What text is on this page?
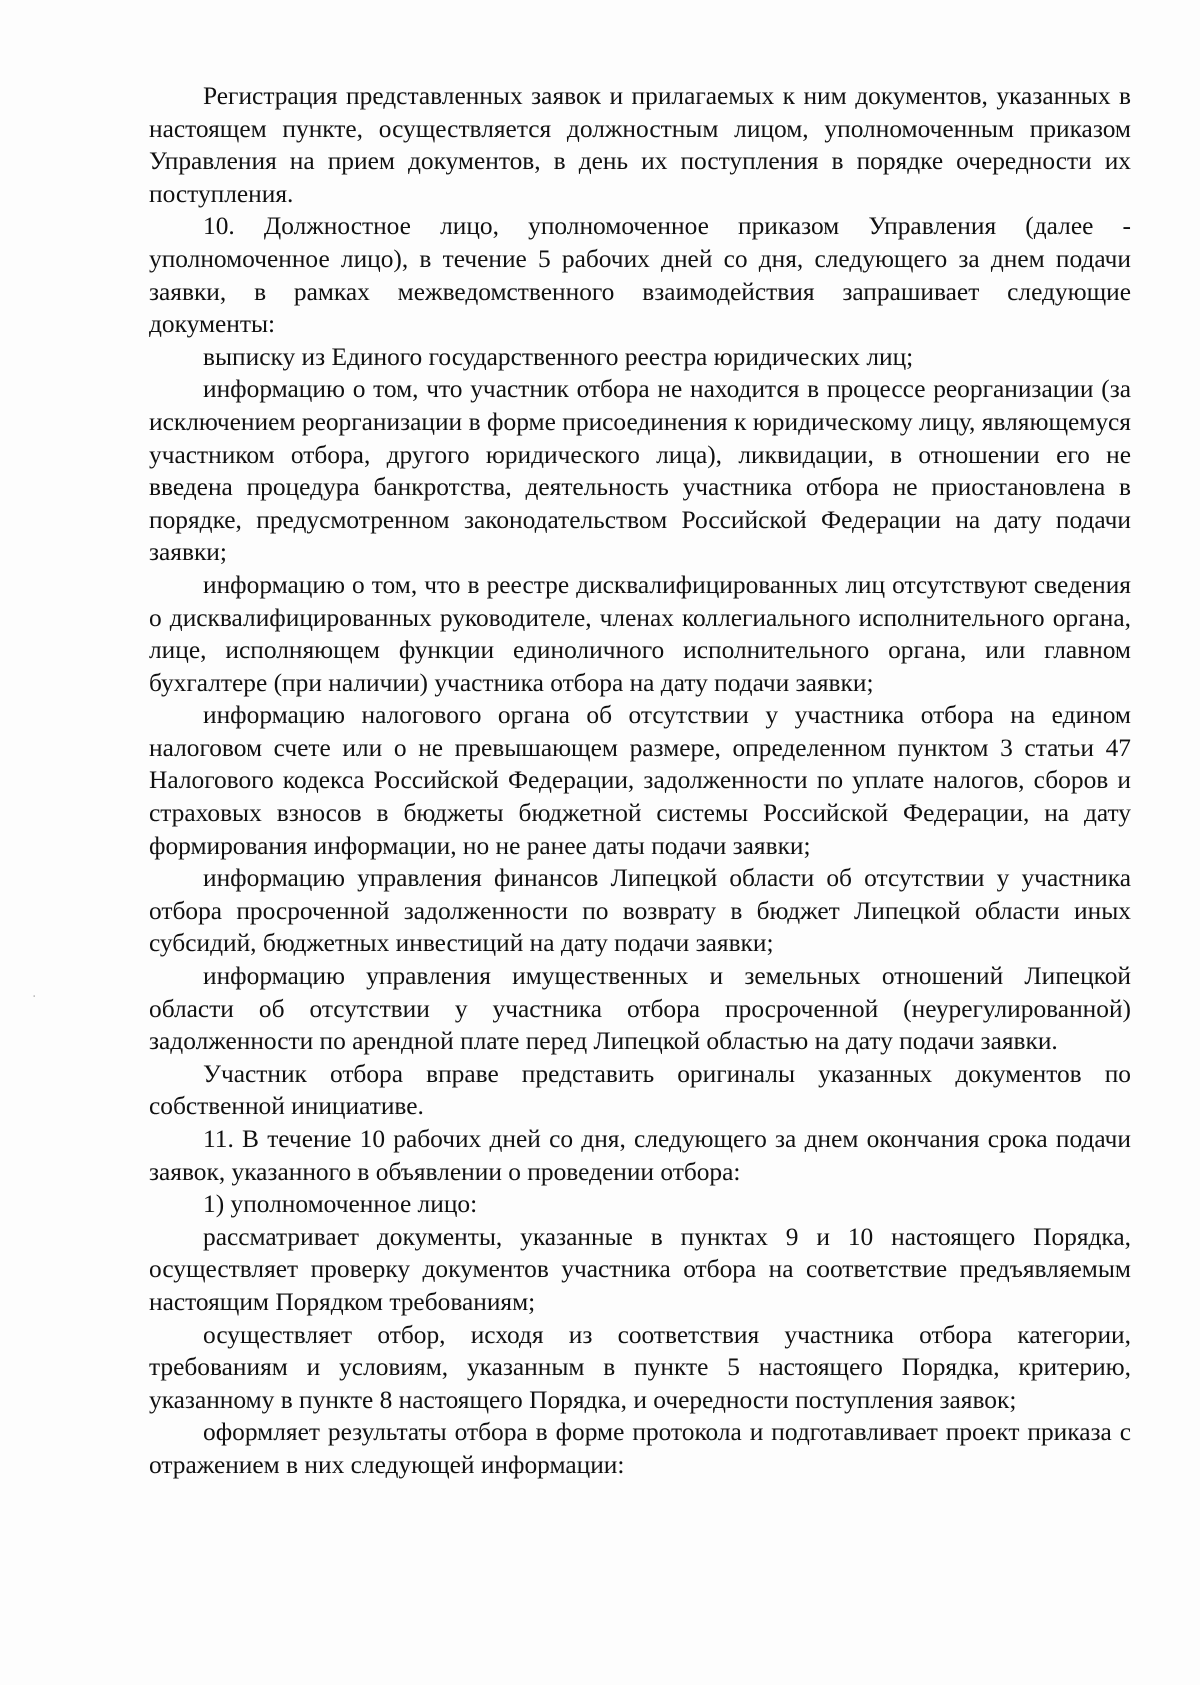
Регистрация представленных заявок и прилагаемых к ним документов, указанных в настоящем пункте, осуществляется должностным лицом, уполномоченным приказом Управления на прием документов, в день их поступления в порядке очередности их поступления.

10. Должностное лицо, уполномоченное приказом Управления (далее - уполномоченное лицо), в течение 5 рабочих дней со дня, следующего за днем подачи заявки, в рамках межведомственного взаимодействия запрашивает следующие документы:

выписку из Единого государственного реестра юридических лиц;

информацию о том, что участник отбора не находится в процессе реорганизации (за исключением реорганизации в форме присоединения к юридическому лицу, являющемуся участником отбора, другого юридического лица), ликвидации, в отношении его не введена процедура банкротства, деятельность участника отбора не приостановлена в порядке, предусмотренном законодательством Российской Федерации на дату подачи заявки;

информацию о том, что в реестре дисквалифицированных лиц отсутствуют сведения о дисквалифицированных руководителе, членах коллегиального исполнительного органа, лице, исполняющем функции единоличного исполнительного органа, или главном бухгалтере (при наличии) участника отбора на дату подачи заявки;

информацию налогового органа об отсутствии у участника отбора на едином налоговом счете или о не превышающем размере, определенном пунктом 3 статьи 47 Налогового кодекса Российской Федерации, задолженности по уплате налогов, сборов и страховых взносов в бюджеты бюджетной системы Российской Федерации, на дату формирования информации, но не ранее даты подачи заявки;

информацию управления финансов Липецкой области об отсутствии у участника отбора просроченной задолженности по возврату в бюджет Липецкой области иных субсидий, бюджетных инвестиций на дату подачи заявки;

информацию управления имущественных и земельных отношений Липецкой области об отсутствии у участника отбора просроченной (неурегулированной) задолженности по арендной плате перед Липецкой областью на дату подачи заявки.

Участник отбора вправе представить оригиналы указанных документов по собственной инициативе.

11. В течение 10 рабочих дней со дня, следующего за днем окончания срока подачи заявок, указанного в объявлении о проведении отбора:

1) уполномоченное лицо:

рассматривает документы, указанные в пунктах 9 и 10 настоящего Порядка, осуществляет проверку документов участника отбора на соответствие предъявляемым настоящим Порядком требованиям;

осуществляет отбор, исходя из соответствия участника отбора категории, требованиям и условиям, указанным в пункте 5 настоящего Порядка, критерию, указанному в пункте 8 настоящего Порядка, и очередности поступления заявок;

оформляет результаты отбора в форме протокола и подготавливает проект приказа с отражением в них следующей информации:

·
